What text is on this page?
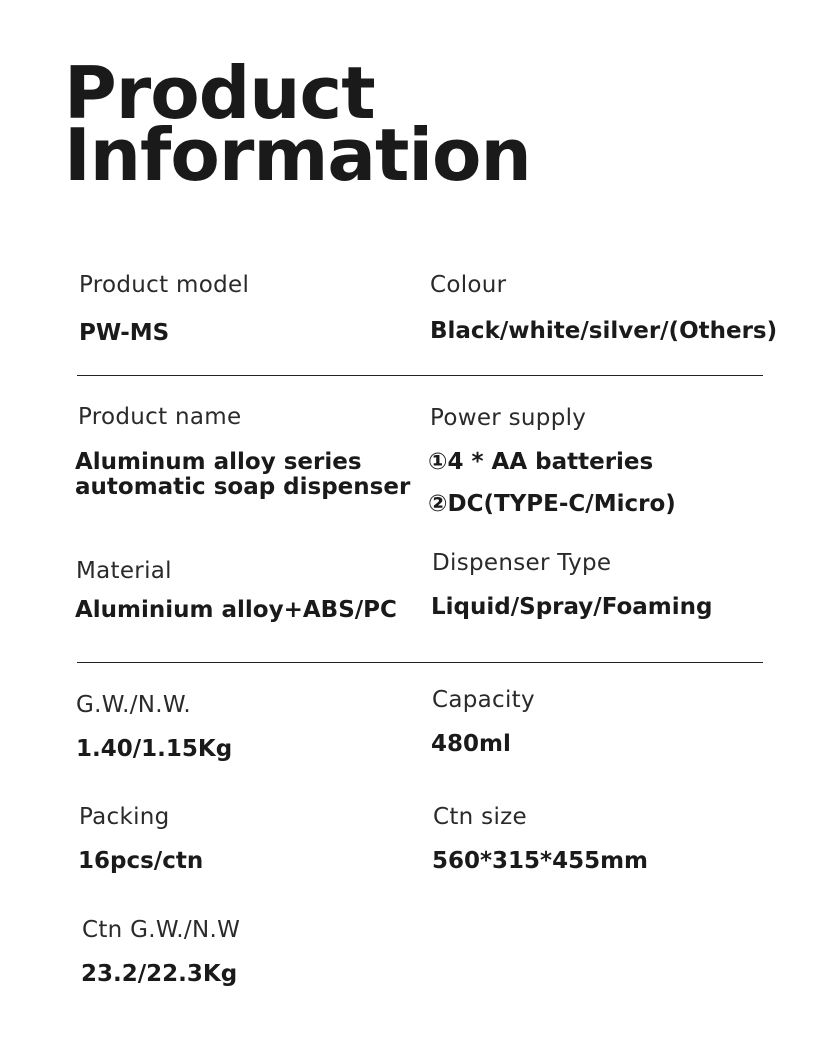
Product
Information
Product model
PW-MS
Colour
Black/white/silver/(Others)
Product name
Aluminum alloy series
automatic soap dispenser
Power supply
①4 * AA batteries
②DC(TYPE-C/Micro)
Material
Aluminium alloy+ABS/PC
Dispenser Type
Liquid/Spray/Foaming
G.W./N.W.
1.40/1.15Kg
Capacity
480ml
Packing
16pcs/ctn
Ctn size
560*315*455mm
Ctn G.W./N.W
23.2/22.3Kg
